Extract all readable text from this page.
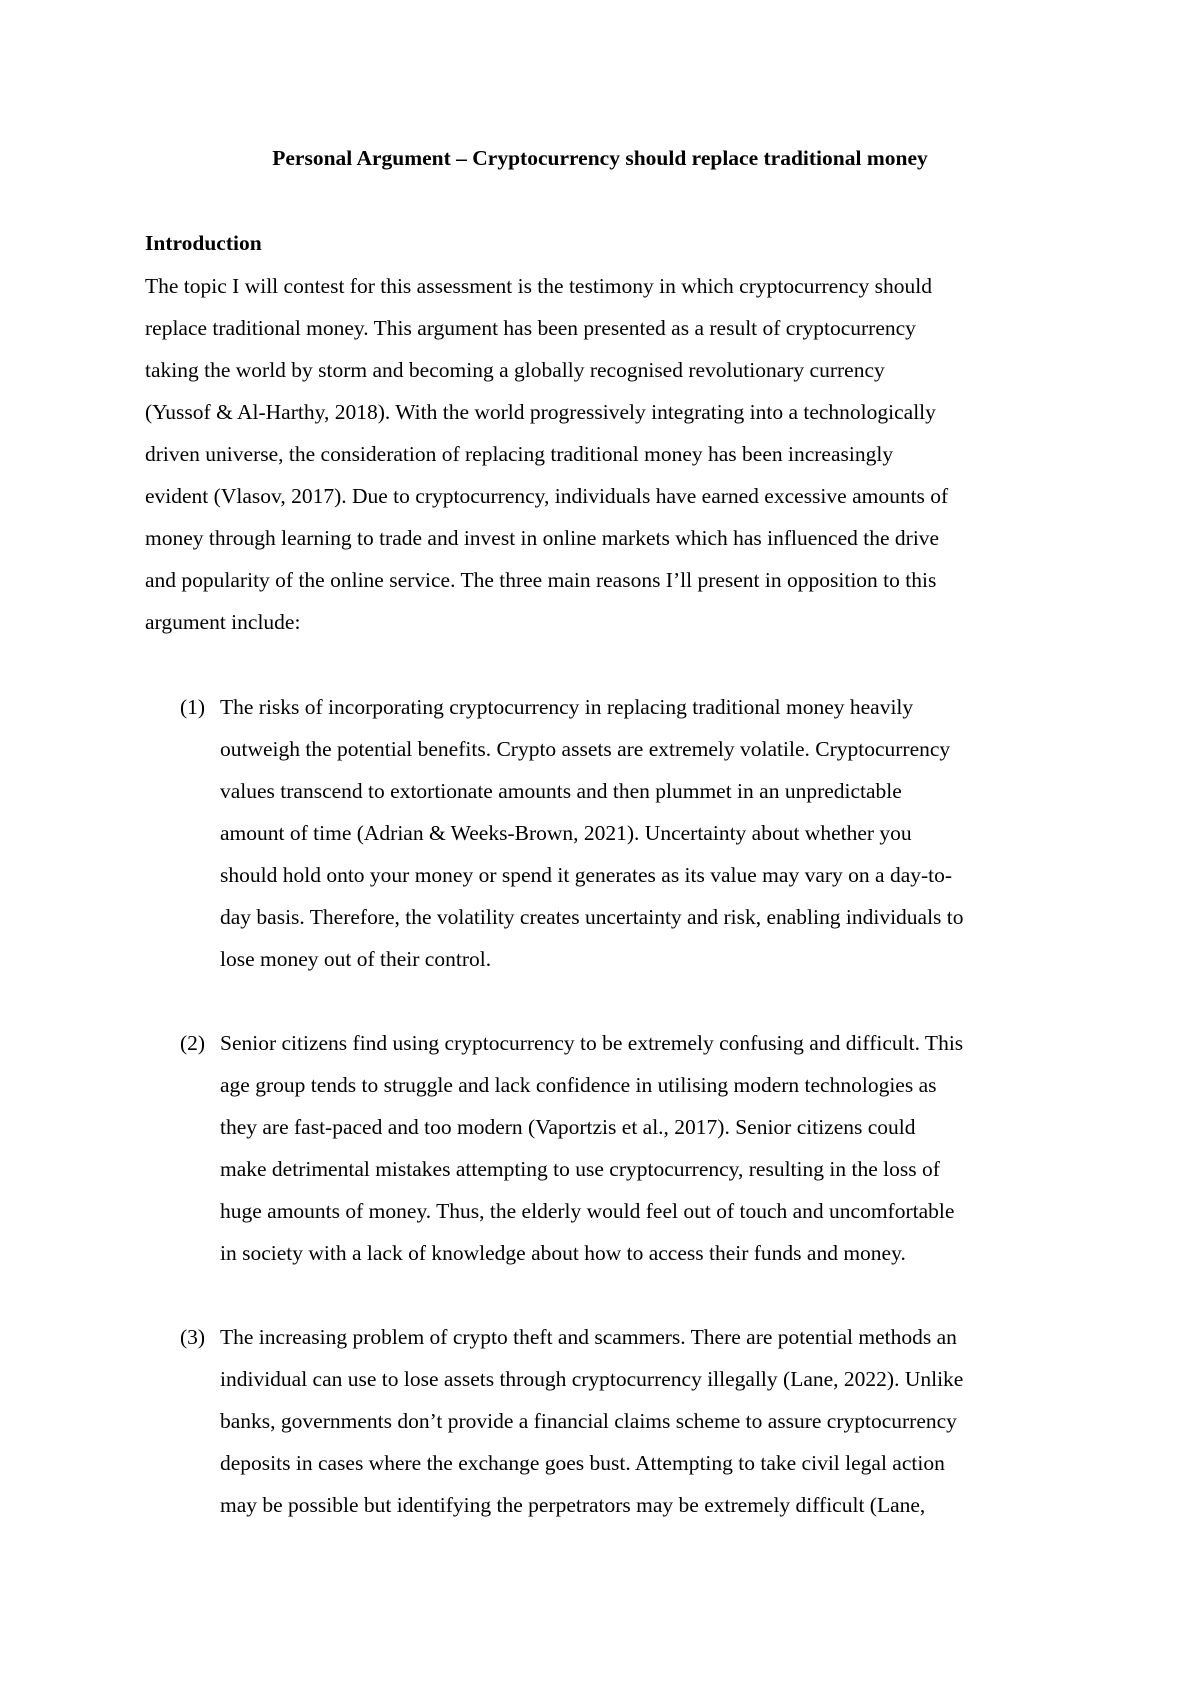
Personal Argument – Cryptocurrency should replace traditional money
Introduction
The topic I will contest for this assessment is the testimony in which cryptocurrency should
replace traditional money. This argument has been presented as a result of cryptocurrency
taking the world by storm and becoming a globally recognised revolutionary currency
(Yussof & Al-Harthy, 2018). With the world progressively integrating into a technologically
driven universe, the consideration of replacing traditional money has been increasingly
evident (Vlasov, 2017). Due to cryptocurrency, individuals have earned excessive amounts of
money through learning to trade and invest in online markets which has influenced the drive
and popularity of the online service. The three main reasons I’ll present in opposition to this
argument include:
(1) The risks of incorporating cryptocurrency in replacing traditional money heavily
outweigh the potential benefits. Crypto assets are extremely volatile. Cryptocurrency
values transcend to extortionate amounts and then plummet in an unpredictable
amount of time (Adrian & Weeks-Brown, 2021). Uncertainty about whether you
should hold onto your money or spend it generates as its value may vary on a day-to-
day basis. Therefore, the volatility creates uncertainty and risk, enabling individuals to
lose money out of their control.
(2) Senior citizens find using cryptocurrency to be extremely confusing and difficult. This
age group tends to struggle and lack confidence in utilising modern technologies as
they are fast-paced and too modern (Vaportzis et al., 2017). Senior citizens could
make detrimental mistakes attempting to use cryptocurrency, resulting in the loss of
huge amounts of money. Thus, the elderly would feel out of touch and uncomfortable
in society with a lack of knowledge about how to access their funds and money.
(3) The increasing problem of crypto theft and scammers. There are potential methods an
individual can use to lose assets through cryptocurrency illegally (Lane, 2022). Unlike
banks, governments don’t provide a financial claims scheme to assure cryptocurrency
deposits in cases where the exchange goes bust. Attempting to take civil legal action
may be possible but identifying the perpetrators may be extremely difficult (Lane,
